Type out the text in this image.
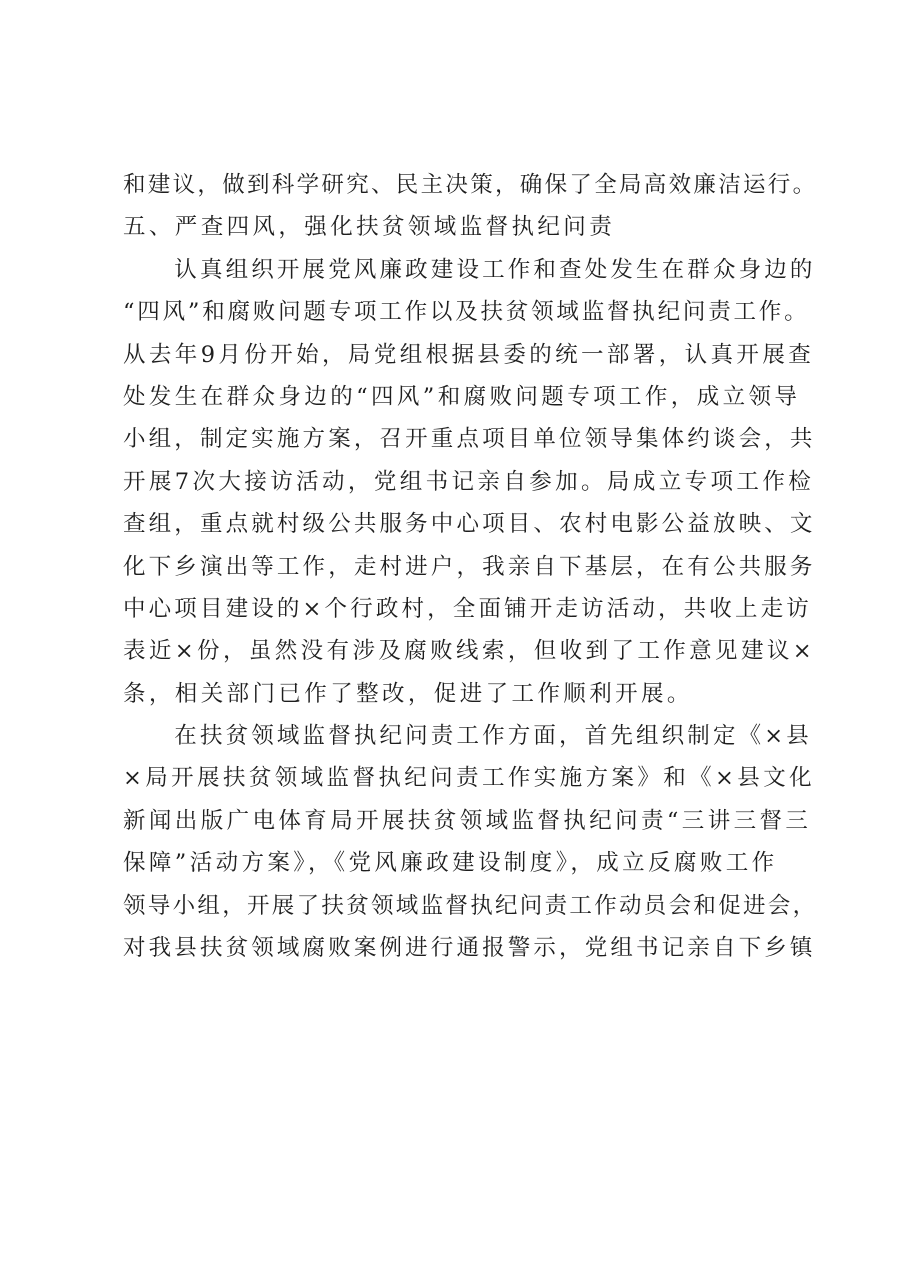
和建议，做到科学研究、民主决策，确保了全局高效廉洁运行。
五、严查四风，强化扶贫领域监督执纪问责
　　认真组织开展党风廉政建设工作和查处发生在群众身边的
“四风”和腐败问题专项工作以及扶贫领域监督执纪问责工作。
从去年9月份开始，局党组根据县委的统一部署，认真开展查
处发生在群众身边的“四风”和腐败问题专项工作，成立领导
小组，制定实施方案，召开重点项目单位领导集体约谈会，共
开展7次大接访活动，党组书记亲自参加。局成立专项工作检
查组，重点就村级公共服务中心项目、农村电影公益放映、文
化下乡演出等工作，走村进户，我亲自下基层，在有公共服务
中心项目建设的×个行政村，全面铺开走访活动，共收上走访
表近×份，虽然没有涉及腐败线索，但收到了工作意见建议×
条，相关部门已作了整改，促进了工作顺利开展。
　　在扶贫领域监督执纪问责工作方面，首先组织制定《×县
×局开展扶贫领域监督执纪问责工作实施方案》和《×县文化
新闻出版广电体育局开展扶贫领域监督执纪问责“三讲三督三
保障”活动方案》，《党风廉政建设制度》，成立反腐败工作
领导小组，开展了扶贫领域监督执纪问责工作动员会和促进会，
对我县扶贫领域腐败案例进行通报警示，党组书记亲自下乡镇
